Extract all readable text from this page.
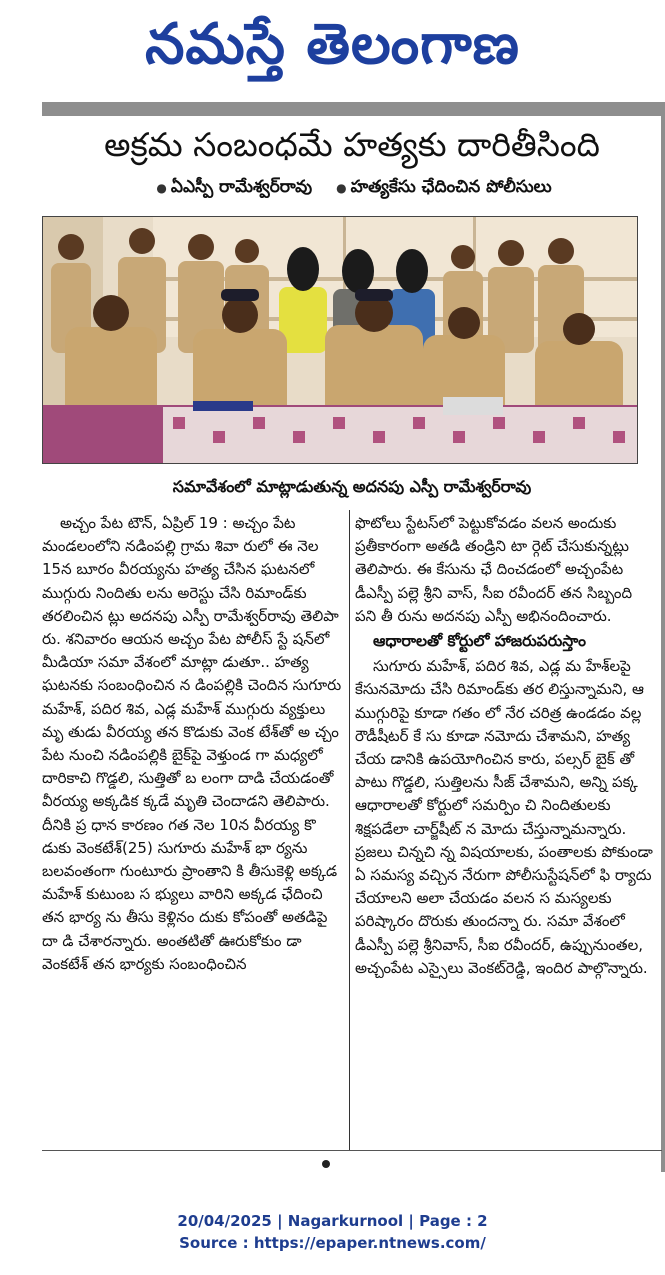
నమస్తే తెలంగాణ
అక్రమ సంబంధమే హత్యకు దారితీసింది
● ఏఎస్పీ రామేశ్వర్‌రావు ● హత్యకేసు ఛేదించిన పోలీసులు
సమావేశంలో మాట్లాడుతున్న అదనపు ఎస్పీ రామేశ్వర్‌రావు

అచ్చం పేట టౌన్‌, ఏప్రిల్‌ 19 : అచ్చం పేట మండలంలోని నడింపల్లి గ్రామ శివా రులో ఈ నెల 15న బూరం వీరయ్యను హత్య చేసిన ఘటనలో ముగ్గురు నిందితు లను అరెస్టు చేసి రిమాండ్‌కు తరలించిన ట్లు అదనపు ఎస్పీ రామేశ్వర్‌రావు తెలిపా రు. శనివారం ఆయన అచ్చం పేట పోలీస్‌ స్టే షన్‌లో మీడియా సమా వేశంలో మాట్లా డుతూ.. హత్య ఘటనకు సంబంధించిన న డింపల్లికి చెందిన సుగూరు మహేశ్‌, పదిర శివ, ఎడ్ల మహేశ్‌ ముగ్గురు వ్యక్తులు మృ తుడు వీరయ్య తన కొడుకు వెంక టేశ్‌తో అ చ్చం పేట నుంచి నడింపల్లికి బైక్‌పై వెళ్తుండ గా మధ్యలో దారికాచి గొడ్డలి, సుత్తితో బ లంగా దాడి చేయడంతో వీరయ్య అక్కడిక క్కడే మృతి చెందాడని తెలిపారు. దీనికి ప్ర ధాన కారణం గత నెల 10న వీరయ్య కొ డుకు వెంకటేశ్‌(25) సుగూరు మహేశ్‌ భా ర్యను బలవంతంగా గుంటూరు ప్రాంతాని కి తీసుకెళ్లి అక్కడ మహేశ్‌ కుటుంబ స భ్యులు వారిని అక్కడ ఛేదించి తన భార్య ను తీసు కెళ్లినం దుకు కోపంతో అతడిపై దా డి చేశారన్నారు. అంతటితో ఊరుకోకుం డా వెంకటేశ్‌ తన భార్యకు సంబంధించిన

ఫొటోలు స్టేటస్‌లో పెట్టుకోవడం వలన అందుకు ప్రతీకారంగా అతడి తండ్రిని టా ర్గెట్‌ చేసుకున్నట్లు తెలిపారు. ఈ కేసును ఛే దించడంలో అచ్చంపేట డీఎస్పీ పల్లె శ్రీని వాస్‌, సీఐ రవీందర్‌ తన సిబ్బంది పని తీ రును అదనపు ఎస్పీ అభినందించారు.

ఆధారాలతో కోర్టులో హాజరుపరుస్తాం

సుగూరు మహేశ్‌, పదిర శివ, ఎడ్ల మ హేశ్‌లపై కేసునమోదు చేసి రిమాండ్‌కు తర లిస్తున్నామని, ఆ ముగ్గురిపై కూడా గతం లో నేర చరిత్ర ఉండడం వల్ల రౌడీషీటర్‌ కే సు కూడా నమోదు చేశామని, హత్య చేయ డానికి ఉపయోగించిన కారు, పల్సర్‌ బైక్‌ తో పాటు గొడ్డలి, సుత్తిలను సీజ్‌ చేశామని, అన్ని పక్క ఆధారాలతో కోర్టులో సమర్పిం చి నిందితులకు శిక్షపడేలా చార్జ్‌షీట్‌ న మోదు చేస్తున్నామన్నారు. ప్రజలు చిన్నచి న్న విషయాలకు, పంతాలకు పోకుండా ఏ సమస్య వచ్చిన నేరుగా పోలీసుస్టేషన్‌లో ఫి ర్యాదు చేయాలని అలా చేయడం వలన స మస్యలకు పరిష్కారం దొరుకు తుందన్నా రు. సమా వేశంలో డీఎస్పీ పల్లె శ్రీనివాస్‌, సీఐ రవీందర్‌, ఉప్పునుంతల, అచ్చంపేట ఎస్సైలు వెంకట్‌రెడ్డి, ఇందిర పాల్గొన్నారు.

20/04/2025 | Nagarkurnool | Page : 2
Source : https://epaper.ntnews.com/
